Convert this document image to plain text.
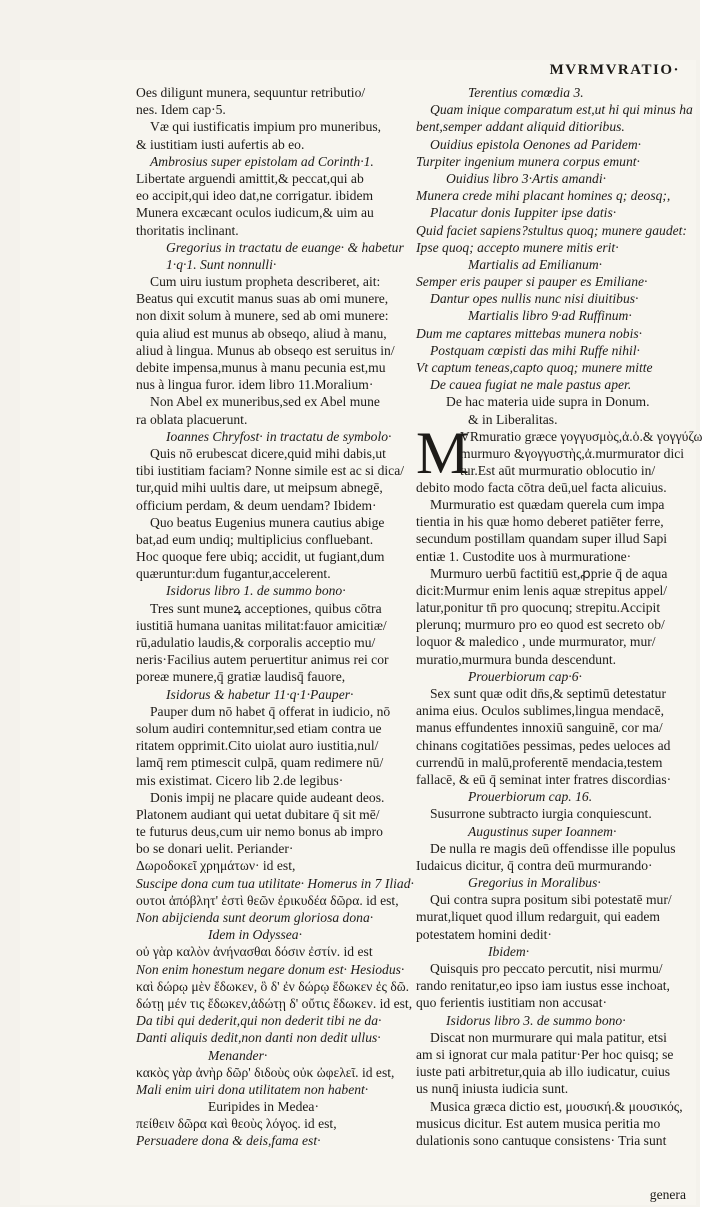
MVRMVRATIO·
Oes diligunt munera, sequuntur retributio/
nes. Idem cap·5.
Væ qui iustificatis impium pro muneribus,
& iustitiam iusti aufertis ab eo.
Ambrosius super epistolam ad Corinth·1.
Libertate arguendi amittit,& peccat,qui ab
eo accipit,qui ideo dat,ne corrigatur. ibidem
Munera excæcant oculos iudicum,& uim au
thoritatis inclinant.
Gregorius in tractatu de euange· & habetur
1·q·1. Sunt nonnulli·
Cum uiru iustum propheta describeret, ait:
Beatus qui excutit manus suas ab omi munere,
non dixit solum à munere, sed ab omi munere:
quia aliud est munus ab obseqo, aliud à manu,
aliud à lingua. Munus ab obseqo est seruitus in/
debite impensa,munus à manu pecunia est,mu
nus à lingua furor. idem libro 11.Moralium·
Non Abel ex muneribus,sed ex Abel mune
ra oblata placuerunt.
Ioannes Chryfost· in tractatu de symbolo·
Quis nō erubescat dicere,quid mihi dabis,ut
tibi iustitiam faciam? Nonne simile est ac si dica/
tur,quid mihi uultis dare, ut meipsum abnegē,
officium perdam, & deum uendam? Ibidem·
Quo beatus Eugenius munera cautius abige
bat,ad eum undiq; multiplicius confluebant.
Hoc quoque fere ubiq; accidit, ut fugiant,dum
quæruntur:dum fugantur,accelerent.
Isidorus libro 1. de summo bono·
Tres sunt muneꝝ acceptiones, quibus cōtra
iustitiā humana uanitas militat:fauor amicitiæ/
rū,adulatio laudis,& corporalis acceptio mu/
neris·Facilius autem peruertitur animus rei cor
poreæ munere,q̄ gratiæ laudisq̄ fauore,
Isidorus & habetur 11·q·1·Pauper·
Pauper dum nō habet q̄ offerat in iudicio, nō
solum audiri contemnitur,sed etiam contra ue
ritatem opprimit.Cito uiolat auro iustitia,nul/
lamq̄ rem ptimescit culpā, quam redimere nū/
mis existimat. Cicero lib 2.de legibus·
Donis impij ne placare quide audeant deos.
Platonem audiant qui uetat dubitare q̄ sit mē/
te futurus deus,cum uir nemo bonus ab impro
bo se donari uelit. Periander·
Δωροδοκεῖ χρημάτων· id est,
Suscipe dona cum tua utilitate· Homerus in 7 Iliad·
ουτοι ἀπόβλητ' ἐστὶ θεῶν ἐρικυδέα δῶρα. id est,
Non abijcienda sunt deorum gloriosa dona·
Idem in Odyssea·
οὐ γὰρ καλὸν ἀνήνασθαι δόσιν ἐστίν. id est
Non enim honestum negare donum est· Hesiodus·
καὶ δώρῳ μὲν ἔδωκεν, ὃ δ' ἐν δώρῳ ἔδωκεν ἐς δῶ.
δώτῃ μέν τις ἔδωκεν,ἀδώτῃ δ' οὔτις ἔδωκεν. id est,
Da tibi qui dederit,qui non dederit tibi ne da·
Danti aliquis dedit,non danti non dedit ullus·
Menander·
κακὸς γὰρ ἀνὴρ δῶρ' διδοὺς οὐκ ὠφελεῖ. id est,
Mali enim uiri dona utilitatem non habent·
Euripides in Medea·
πείθειν δῶρα καὶ θεοὺς λόγος. id est,
Persuadere dona & deis,fama est·
Terentius comœdia 3.
Quam inique comparatum est,ut hi qui minus ha
bent,semper addant aliquid ditioribus.
Ouidius epistola Oenones ad Paridem·
Turpiter ingenium munera corpus emunt·
Ouidius libro 3·Artis amandi·
Munera crede mihi placant homines q; deosq;,
Placatur donis Iuppiter ipse datis·
Quid faciet sapiens?stultus quoq; munere gaudet:
Ipse quoq; accepto munere mitis erit·
Martialis ad Emilianum·
Semper eris pauper si pauper es Emiliane·
Dantur opes nullis nunc nisi diuitibus·
Martialis libro 9·ad Ruffinum·
Dum me captares mittebas munera nobis·
Postquam cœpisti das mihi Ruffe nihil·
Vt captum teneas,capto quoq; munere mitte
De cauea fugiat ne male pastus aper.
De hac materia uide supra in Donum.
& in Liberalitas.
M
VRmuratio græce γογγυσμὸς,ἀ.ὁ.& γογγύζω
murmuro &γογγυστὴς,ἀ.murmurator dici
tur.Est aūt murmuratio oblocutio in/
debito modo facta cōtra deū,uel facta alicuius.
Murmuratio est quædam querela cum impa
tientia in his quæ homo deberet patiēter ferre,
secundum postillam quandam super illud Sapi
entiæ 1. Custodite uos à murmuratione·
Murmuro uerbū factitiū est,ꝓprie q̄ de aqua
dicit:Murmur enim lenis aquæ strepitus appel/
latur,ponitur tn̄ pro quocunq; strepitu.Accipit
plerunq; murmuro pro eo quod est secreto ob/
loquor & maledico , unde murmurator, mur/
muratio,murmura bunda descendunt.
Prouerbiorum cap·6·
Sex sunt quæ odit dn̄s,& septimū detestatur
anima eius. Oculos sublimes,lingua mendacē,
manus effundentes innoxiū sanguinē, cor ma/
chinans cogitatiōes pessimas, pedes ueloces ad
currendū in malū,proferentē mendacia,testem
fallacē, & eū q̄ seminat inter fratres discordias·
Prouerbiorum cap. 16.
Susurrone subtracto iurgia conquiescunt.
Augustinus super Ioannem·
De nulla re magis deū offendisse ille populus
Iudaicus dicitur, q̄ contra deū murmurando·
Gregorius in Moralibus·
Qui contra supra positum sibi potestatē mur/
murat,liquet quod illum redarguit, qui eadem
potestatem homini dedit·
Ibidem·
Quisquis pro peccato percutit, nisi murmu/
rando renitatur,eo ipso iam iustus esse inchoat,
quo ferientis iustitiam non accusat·
Isidorus libro 3. de summo bono·
Discat non murmurare qui mala patitur, etsi
am si ignorat cur mala patitur·Per hoc quisq; se
iuste pati arbitretur,quia ab illo iudicatur, cuius
us nunq̄ iniusta iudicia sunt.
Musica græca dictio est, μουσική.& μουσικός,
musicus dicitur. Est autem musica peritia mo
dulationis sono cantuque consistens· Tria sunt
genera
